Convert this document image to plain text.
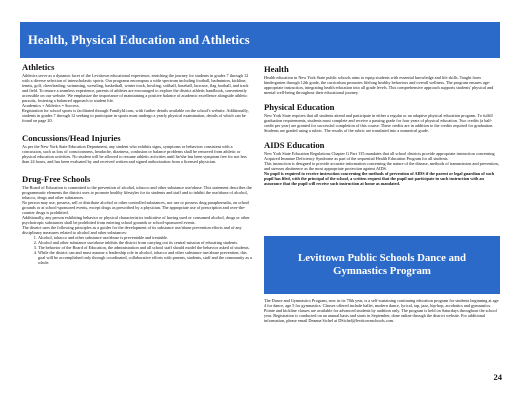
Health, Physical Education and Athletics
Athletics

Athletics serve as a dynamic facet of the Levittown educational experience, enriching the journey for students in grades 7 through 12 with a diverse selection of interscholastic sports. Our programs encompass a wide spectrum including football, badminton, kickline, tennis, golf, cheerleading, swimming, wrestling, basketball, winter track, bowling, softball, baseball, lacrosse, flag football, and track and field. To ensure a seamless experience, parents of athletes are encouraged to explore the district athletic handbook, conveniently accessible on our website. We emphasize the importance of maintaining a positive balance of academic excellence alongside athletic pursuits, fostering a balanced approach to student life.

Academics + Athletics = Success.

Registration for school sports is facilitated through FamilyId.com, with further details available on the school's website. Additionally, students in grades 7 through 12 seeking to participate in sports must undergo a yearly physical examination, details of which can be found on page 20.

Concussions/Head Injuries

As per the New York State Education Department, any student who exhibits signs, symptoms or behaviors consistent with a concussion, such as loss of consciousness, headache, dizziness, confusion or balance problems shall be removed from athletic or physical education activities. No student will be allowed to resume athletic activities until he/she has been symptom free for not less than 24 hours, and has been evaluated by and received written and signed authorization from a licensed physician.

Drug-Free Schools

The Board of Education is committed to the prevention of alcohol, tobacco and other substance use/abuse. This statement describes the programmatic elements the district uses to promote healthy lifestyles for its students and staff and to inhibit the use/abuse of alcohol, tobacco, drugs and other substances.

No person may use, possess, sell or distribute alcohol or other controlled substances, nor use or possess drug paraphernalia, on school grounds or at school-sponsored events, except drugs as prescribed by a physician. The appropriate use of prescription and over-the-counter drugs is prohibited.

Additionally, any person exhibiting behavior or physical characteristics indicative of having used or consumed alcohol, drugs or other psychotropic substances shall be prohibited from entering school grounds or school-sponsored events.

The district uses the following principles as a guides for the development of its substance use/abuse prevention efforts and of any disciplinary measures related to alcohol and other substances:

1. Alcohol, tobacco and other substance use/abuse is preventable and treatable.
2. Alcohol and other substance use/abuse inhibits the district from carrying out its central mission of educating students.
3. The behavior of the Board of Education, the administration and all school staff should model the behavior asked of students.
4. While the district can and must assume a leadership role in alcohol, tobacco and other substance use/abuse prevention, this goal will be accomplished only through coordinated, collaborative efforts with parents, students, staff and the community as a whole.
Health

Health education in New York State public schools aims to equip students with essential knowledge and life skills. Taught from kindergarten through 12th grade, the curriculum promotes lifelong healthy behaviors and overall wellness. The program ensures age-appropriate instruction, integrating health education into all grade levels. This comprehensive approach supports students' physical and mental well-being throughout their educational journey.

Physical Education

New York State requires that all students attend and participate in either a regular or an adaptive physical education program. To fulfill graduation requirements, students must complete and receive a passing grade for four years of physical education. Two credits (a half-credit per year) are granted for successful completion of this course. These credits are in addition to the credits required for graduation. Students are graded using a rubric. The results of the rubric are translated into a numerical grade.

AIDS Education

New York State Education Regulations Chapter G Part 135 mandates that all school districts provide appropriate instruction concerning Acquired Immune Deficiency Syndrome as part of the sequential Health Education Program for all students.

This instruction is designed to provide accurate information concerning the nature of the disease, methods of transmission and prevention, and stresses abstinence as the most appropriate protection against AIDS.

No pupil is required to receive instruction concerning the methods of prevention of AIDS if the parent or legal guardian of such pupil has filed, with the principal of the school, a written request that the pupil not participate in such instruction with an assurance that the pupil will receive such instruction at home as mandated.

Levittown Public Schools Dance and Gymnastics Program

The Dance and Gymnastics Program, now in its 78th year, is a self-sustaining continuing education program for students beginning at age 4 for dance, age 5 for gymnastics. Classes offered include ballet, modern dance, lyrical, tap, jazz, hip-hop, acrobatics and gymnastics. Pointe and kickline classes are available for advanced students by audition only. The program is held on Saturdays throughout the school year. Registration is conducted on an annual basis and starts in September, done online through the district website. For additional information, please email Deanna Sichel at DSichel@levittownschools.com.

24
